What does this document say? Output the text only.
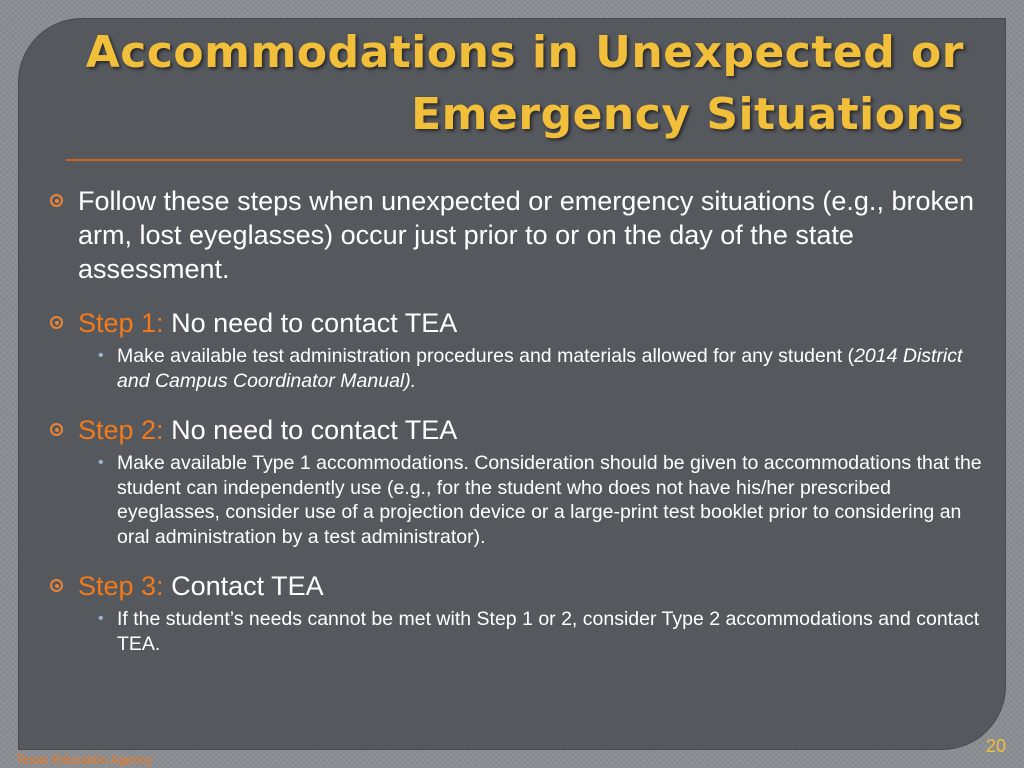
Accommodations in Unexpected or
Emergency Situations
Follow these steps when unexpected or emergency situations (e.g., broken arm, lost eyeglasses) occur just prior to or on the day of the state assessment.
Step 1: No need to contact TEA
• Make available test administration procedures and materials allowed for any student (2014 District and Campus Coordinator Manual).
Step 2: No need to contact TEA
• Make available Type 1 accommodations. Consideration should be given to accommodations that the student can independently use (e.g., for the student who does not have his/her prescribed eyeglasses, consider use of a projection device or a large-print test booklet prior to considering an oral administration by a test administrator).
Step 3: Contact TEA
• If the student’s needs cannot be met with Step 1 or 2, consider Type 2 accommodations and contact TEA.
Texas Education Agency
20
